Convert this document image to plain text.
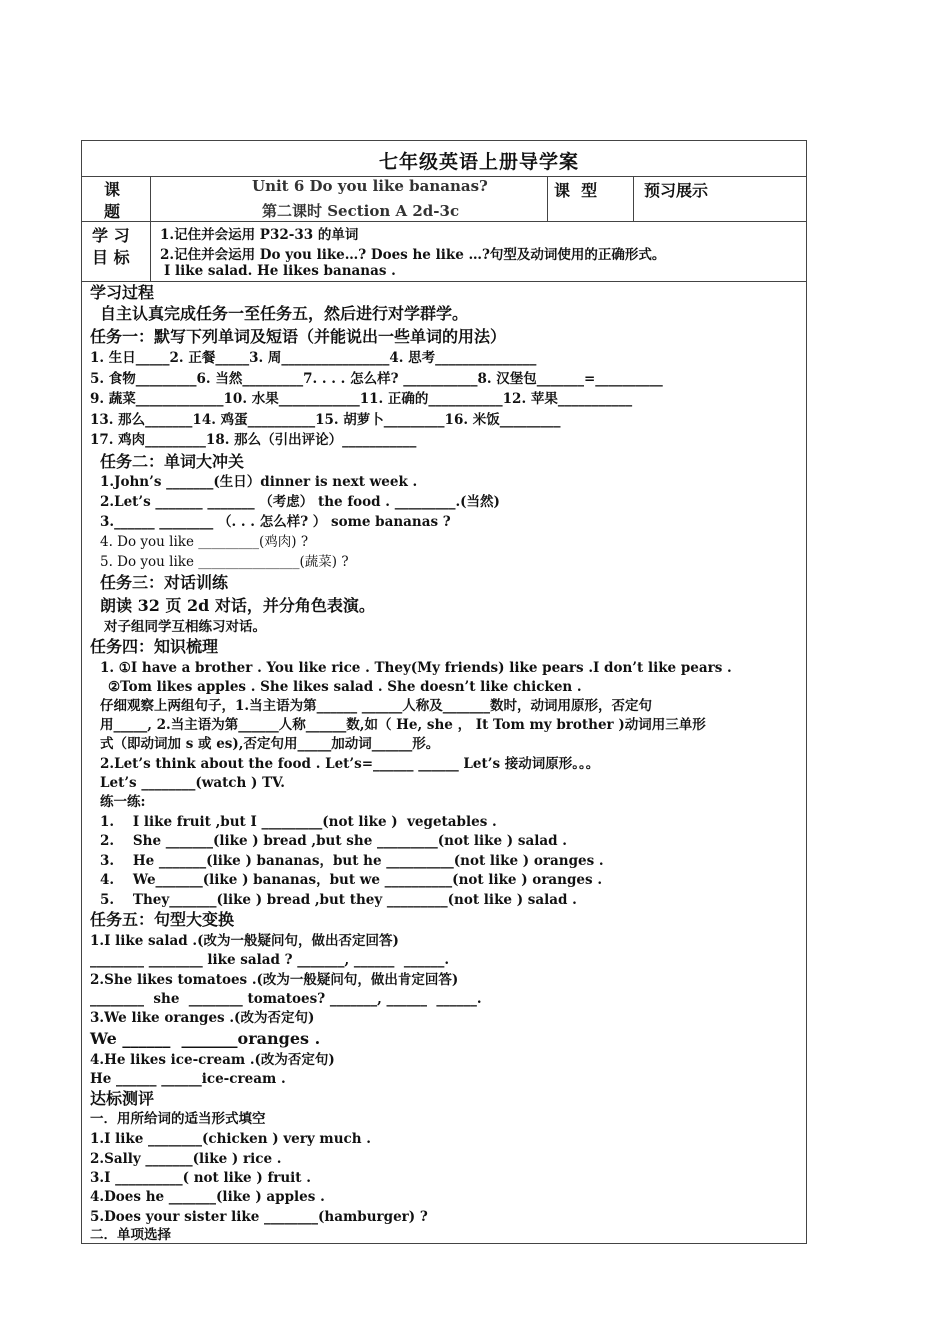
七年级英语上册导学案
课
题
Unit 6 Do you like bananas?
第二课时 Section A 2d-3c
课  型	预习展示
学 习
目 标
1.记住并会运用 P32-33 的单词
2.记住并会运用 Do you like…? Does he like …?句型及动词使用的正确形式。
I like salad. He likes bananas .
学习过程
自主认真完成任务一至任务五，然后进行对学群学。
任务一：默写下列单词及短语（并能说出一些单词的用法）
1. 生日_____2. 正餐_____3. 周________________4. 思考_______________
5. 食物_________6. 当然_________7. . . . 怎么样? ___________8. 汉堡包_______=__________
9. 蔬菜_____________10. 水果____________11. 正确的___________12. 苹果___________
13. 那么_______14. 鸡蛋__________15. 胡萝卜_________16. 米饭_________
17. 鸡肉_________18. 那么（引出评论）___________
任务二：单词大冲关
1.John’s _______(生日）dinner is next week .
2.Let’s _______ _______ （考虑） the food . _________.(当然)
3.______ ________ （. . . 怎么样? ） some bananas ?
4. Do you like _________(鸡肉) ?
5. Do you like _______________(蔬菜) ?
任务三：对话训练
朗读 32 页 2d 对话，并分角色表演。
对子组同学互相练习对话。
任务四：知识梳理
1. ①I have a brother . You like rice . They(My friends) like pears .I don’t like pears .
②Tom likes apples . She likes salad . She doesn’t like chicken .
仔细观察上两组句子，1.当主语为第______ ______人称及_______数时，动词用原形，否定句
用_____, 2.当主语为第______人称______数,如（ He, she ， It Tom my brother )动词用三单形
式（即动词加 s 或 es),否定句用_____加动词______形。
2.Let’s think about the food . Let’s=______ ______ Let’s 接动词原形。。。
Let’s ________(watch ) TV.
练一练:
1.    I like fruit ,but I _________(not like )  vegetables .
2.    She _______(like ) bread ,but she _________(not like ) salad .
3.    He _______(like ) bananas，but he __________(not like ) oranges .
4.    We_______(like ) bananas，but we __________(not like ) oranges .
5.    They_______(like ) bread ,but they _________(not like ) salad .
任务五：句型大变换
1.I like salad .(改为一般疑问句，做出否定回答)
________ ________ like salad ? _______, ______  ______.
2.She likes tomatoes .(改为一般疑问句，做出肯定回答)
________  she  ________ tomatoes? _______, ______  ______.
3.We like oranges .(改为否定句)
We ______  _______oranges .
4.He likes ice-cream .(改为否定句)
He ______ ______ice-cream .
达标测评
一．用所给词的适当形式填空
1.I like ________(chicken ) very much .
2.Sally _______(like ) rice .
3.I __________( not like ) fruit .
4.Does he _______(like ) apples .
5.Does your sister like ________(hamburger) ?
二．单项选择
